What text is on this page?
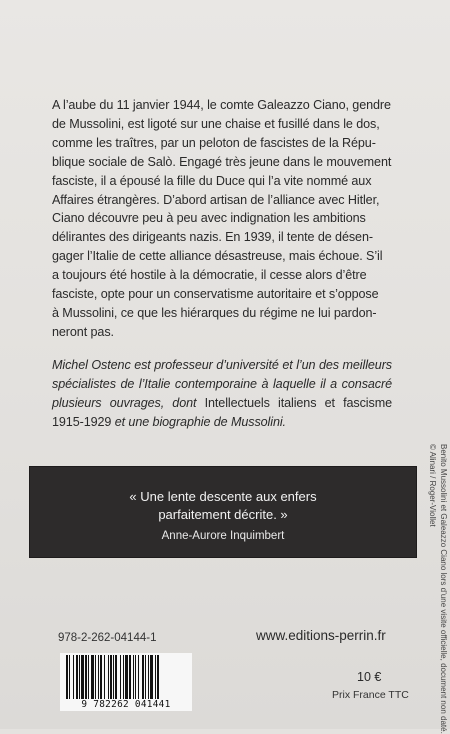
A l’aube du 11 janvier 1944, le comte Galeazzo Ciano, gendre

de Mussolini, est ligoté sur une chaise et fusillé dans le dos,

comme les traîtres, par un peloton de fascistes de la Répu-

blique sociale de Salò. Engagé très jeune dans le mouvement

fasciste, il a épousé la fille du Duce qui l’a vite nommé aux

Affaires étrangères. D’abord artisan de l’alliance avec Hitler,

Ciano découvre peu à peu avec indignation les ambitions

délirantes des dirigeants nazis. En 1939, il tente de désen-

gager l’Italie de cette alliance désastreuse, mais échoue. S’il

a toujours été hostile à la démocratie, il cesse alors d’être

fasciste, opte pour un conservatisme autoritaire et s’oppose

à Mussolini, ce que les hiérarques du régime ne lui pardon-

neront pas.

Michel Ostenc est professeur d’université et l’un des meilleurs spécialistes de l’Italie contemporaine à laquelle il a consacré plusieurs ouvrages, dont Intellectuels italiens et fascisme 1915-1929 et une biographie de Mussolini.
« Une lente descente aux enfers
parfaitement décrite. »
Anne-Aurore Inquimbert
978-2-262-04144-1
9 782262 041441
www.editions-perrin.fr
10 €
Prix France TTC	Benito Mussolini et Galeazzo Ciano lors d’une visite officielle, document non daté.
© Alinari / Roger-Viollet
